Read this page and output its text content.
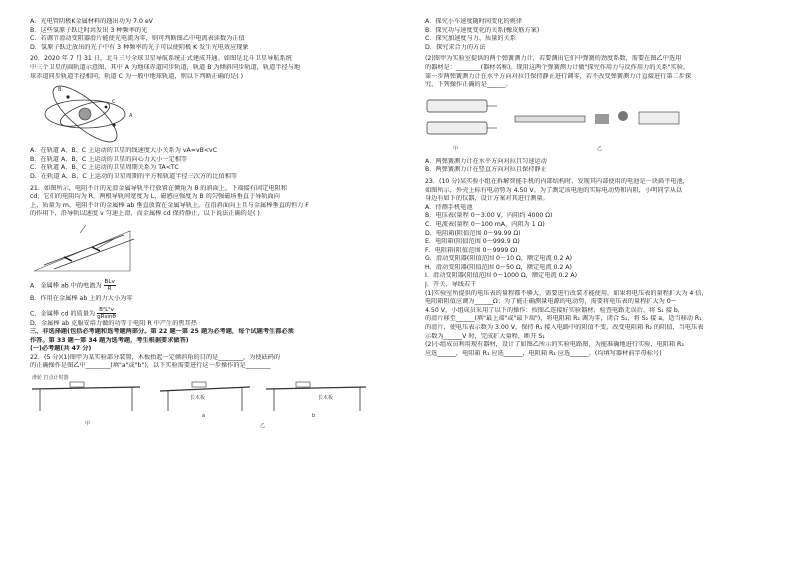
A．光电管阴极K金属材料的逸出功为 7.0 eV
B．这些氢原子跃迁时共发出 3 种频率的光
C．若调节滑动变阻器滑片能使光电流为零，则可判断图乙中电流表读数为正值
D．氢原子跃迁放出的光子中有 3 种频率的光子可以使阴极 K 发生光电效应现象
20．2020 年 7 月 31 日，北斗三号全球卫星导航系统正式建成开通。如图是北斗卫星导航系统
中三个卫星的圆轨道示意图，其中 A 为地球赤道同步轨道，轨道 B 为倾斜同步轨道，轨道半径与地
球赤道同步轨道半径相同，轨道 C 为一般中地球轨道，则以下判断正确的是( )
A
B
C
A．在轨道 A、B、C 上运动的卫星的线速度大小关系为 vA=vB<vC
B．在轨道 A、B、C 上运动的卫星的向心力大小一定相等
C．在轨道 A、B、C 上运动的卫星周期关系为 TA<TC
D．在轨道 A、B、C 上运动的卫星周期的平方和轨道半径三次方的比值相等
21．如图所示，电阻不计的光滑金属导轨平行放置在倾角为 θ 的斜面上，下端接有固定电阻和
cd，它们的电阻均为 R。两根导轨间宽度为 L，磁感应强度为 B 的匀强磁场垂直于导轨面向
上，质量为 m、电阻不计的金属棒 ab 垂直放置在金属导轨上。在沿斜面向上且与金属棒垂直的恒力 F
的作用下，沿导轨以速度 v 匀速上滑，而金属棒 cd 保持静止，以下说法正确的是( )
A．金属棒 ab 中的电流为 $\frac{\text{BLv}}{R}$
B．作用在金属棒 ab 上的力大小为零
C．金属棒 cd 的质量为 $\frac{\text{B²L²v}}{gRsin\theta}$
D．金属棒 ab 克服安培力做的功等于电阻 R 中产生的焦耳热
三、非选择题(包括必考题和选考题两部分。第 22 题～第 25 题为必考题，每个试题考生都必须
作答。第 33 题～第 34 题为选考题，考生根据要求做答)
(一)必考题(共 47 分)
22．(5 分)(1)图甲为某实验部分装置，木板抬起一定倾斜角的目的是________，为使砝码的
的正确操作是图乙中________(填"a"或"b")，以下实验需要进行这一步操作的是________
滑轮 打点计时器
甲
长木板
a
长木板
b
乙
A．探究小车速度随时间变化的规律
B．探究功与速度变化的关系(橡皮筋方案)
C．探究加速度与力、质量的关系
D．探究求合力的方法
(2)图甲为实验室提供的两个弹簧测力计，若要测出它们中弹簧的劲度系数，需要在图乙中选用
的器材是：________(器材名称)。现用这两个弹簧测力计做"探究作用力与反作用力的关系"实验，
第一步两弹簧测力计在水平方向对拉且保持静止进行调零，若不改变弹簧测力计直接进行第二步探
究，下列操作正确的是______。
甲	乙
A．两弹簧测力计在水平方向对拉且匀速运动
B．两弹簧测力计在竖直方向对拉且保持静止
23．(10 分)某实验小组在拆解智能手机的内部结构时，发现其内部使用的电池是一块扁平电池，
如图所示，外壳上标有电动势为 4.50 V。为了测定该电池的实际电动势和内阻，小明同学从以
身边有如下的仪器，设计方案对其进行测量。
A．待测手机电池
B．电压表(量程 0～3.00 V，内阻约 4000 Ω)
C．电流表(量程 0～100 mA，内阻为 1 Ω)
D．电阻箱(阻值范围 0～99.99 Ω)
E．电阻箱(阻值范围 0～999.9 Ω)
F．电阻箱(阻值范围 0～9999 Ω)
G．滑动变阻器(阻值范围 0～10 Ω，额定电流 0.2 A)
H．滑动变阻器(阻值范围 0～50 Ω，额定电流 0.2 A)
I．滑动变阻器(阻值范围 0～1000 Ω，额定电流 0.2 A)
J．开关、导线若干
(1)实验室所提供的电压表的量程都不够大，需要进行改装才能使用，如果将电压表的量程扩大为 4 倍，
电阻箱阻值应调为______Ω；为了能正确测量电源的电动势，需要将电压表的量程扩大为 0～
4.50 V，小组成员采用了以下的操作：按图乙连接好实验器材，检查电路无误后，将 S₁ 接 b，
的滑片移至______(填"最上端"或"最下端")，将电阻箱 R₂ 调为零，闭合 S₁，将 S₂ 接 a，适当移动 R₁
的滑片，使电压表示数为 3.00 V，保持 R₁ 接入电路中的阻值不变，改变电阻箱 R₂ 的阻值，当电压表
示数为______V 时，完成扩大量程，断开 S₁
(2)小组成员利用现有器材，设计了如图乙所示的实验电路图，为能准确地进行实验，电阻箱 R₂
应选______，电阻箱 R₁ 应选______，电阻箱 R₁ 应选______。(均填写器材前字母标号)
